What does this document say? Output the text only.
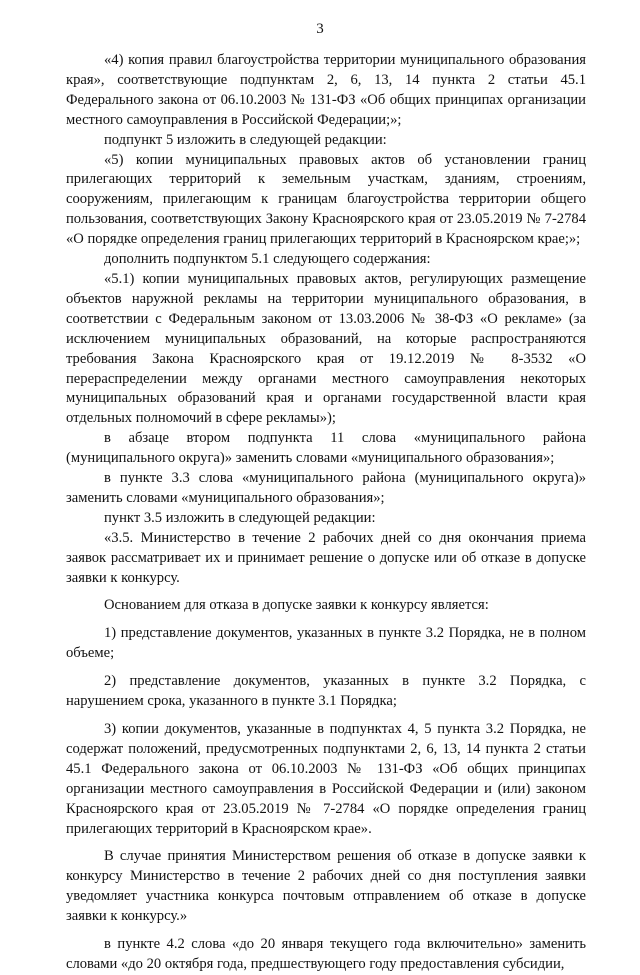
3

«4) копия правил благоустройства территории муниципального образования края», соответствующие подпунктам 2, 6, 13, 14 пункта 2 статьи 45.1 Федерального закона от 06.10.2003 № 131-ФЗ «Об общих принципах организации местного самоуправления в Российской Федерации;»;

подпункт 5 изложить в следующей редакции:

«5) копии муниципальных правовых актов об установлении границ прилегающих территорий к земельным участкам, зданиям, строениям, сооружениям, прилегающим к границам благоустройства территории общего пользования, соответствующих Закону Красноярского края от 23.05.2019 № 7-2784 «О порядке определения границ прилегающих территорий в Красноярском крае;»;

дополнить подпунктом 5.1 следующего содержания:

«5.1) копии муниципальных правовых актов, регулирующих размещение объектов наружной рекламы на территории муниципального образования, в соответствии с Федеральным законом от 13.03.2006 № 38-ФЗ «О рекламе» (за исключением муниципальных образований, на которые распространяются требования Закона Красноярского края от 19.12.2019 № 8-3532 «О перераспределении между органами местного самоуправления некоторых муниципальных образований края и органами государственной власти края отдельных полномочий в сфере рекламы»);

в абзаце втором подпункта 11 слова «муниципального района (муниципального округа)» заменить словами «муниципального образования»;

в пункте 3.3 слова «муниципального района (муниципального округа)» заменить словами «муниципального образования»;

пункт 3.5 изложить в следующей редакции:

«3.5. Министерство в течение 2 рабочих дней со дня окончания приема заявок рассматривает их и принимает решение о допуске или об отказе в допуске заявки к конкурсу.

Основанием для отказа в допуске заявки к конкурсу является:

1) представление документов, указанных в пункте 3.2 Порядка, не в полном объеме;

2) представление документов, указанных в пункте 3.2 Порядка, с нарушением срока, указанного в пункте 3.1 Порядка;

3) копии документов, указанные в подпунктах 4, 5 пункта 3.2 Порядка, не содержат положений, предусмотренных подпунктами 2, 6, 13, 14 пункта 2 статьи 45.1 Федерального закона от 06.10.2003 № 131-ФЗ «Об общих принципах организации местного самоуправления в Российской Федерации и (или) законом Красноярского края от 23.05.2019 № 7-2784 «О порядке определения границ прилегающих территорий в Красноярском крае».

В случае принятия Министерством решения об отказе в допуске заявки к конкурсу Министерство в течение 2 рабочих дней со дня поступления заявки уведомляет участника конкурса почтовым отправлением об отказе в допуске заявки к конкурсу.»

в пункте 4.2 слова «до 20 января текущего года включительно» заменить словами «до 20 октября года, предшествующего году предоставления субсидии,
